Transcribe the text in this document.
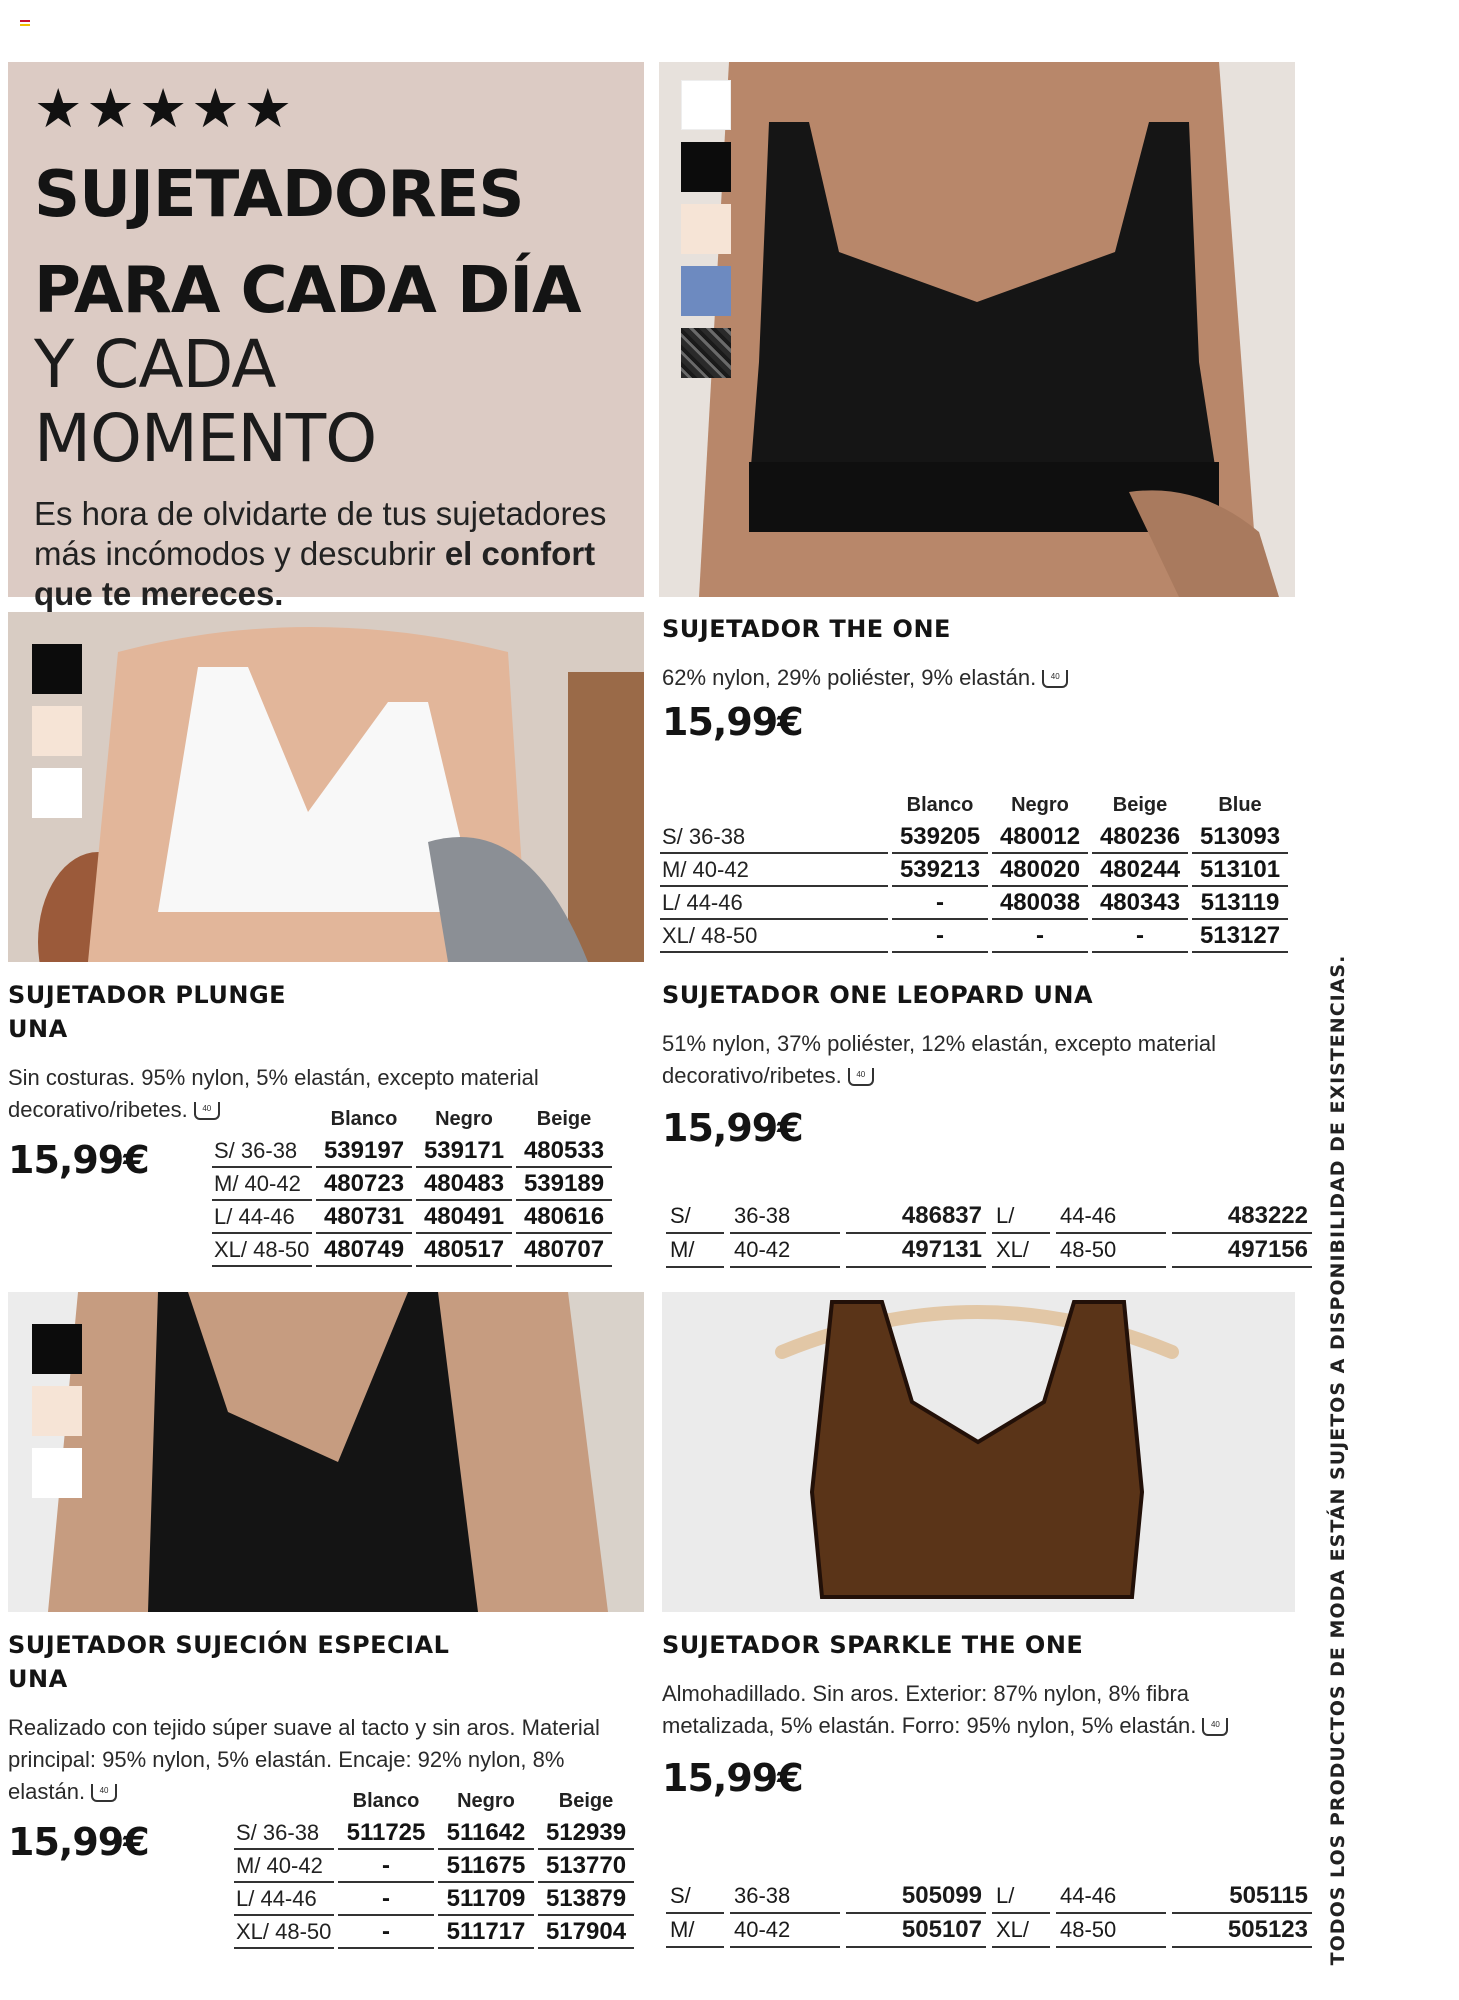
★★★★★
SUJETADORES
PARA CADA DÍA
Y CADA
MOMENTO

Es hora de olvidarte de tus sujetadores más incómodos y descubrir el confort que te mereces.

SUJETADOR THE ONE
62% nylon, 29% poliéster, 9% elastán. 40
15,99€
	Blanco	Negro	Beige	Blue
S/ 36-38	539205	480012	480236	513093
M/ 40-42	539213	480020	480244	513101
L/ 44-46	-	480038	480343	513119
XL/ 48-50	-	-	-	513127
SUJETADOR PLUNGE
UNA
Sin costuras. 95% nylon, 5% elastán, excepto material decorativo/ribetes. 40
15,99€
	Blanco	Negro	Beige
S/ 36-38	539197	539171	480533
M/ 40-42	480723	480483	539189
L/ 44-46	480731	480491	480616
XL/ 48-50	480749	480517	480707
SUJETADOR ONE LEOPARD UNA
51% nylon, 37% poliéster, 12% elastán, excepto material decorativo/ribetes. 40
15,99€
S/	36-38	486837	L/	44-46	483222
M/	40-42	497131	XL/	48-50	497156
SUJETADOR SUJECIÓN ESPECIAL
UNA
Realizado con tejido súper suave al tacto y sin aros. Material principal: 95% nylon, 5% elastán. Encaje: 92% nylon, 8% elastán. 40
15,99€
	Blanco	Negro	Beige
S/ 36-38	511725	511642	512939
M/ 40-42	-	511675	513770
L/ 44-46	-	511709	513879
XL/ 48-50	-	511717	517904
SUJETADOR SPARKLE THE ONE
Almohadillado. Sin aros. Exterior: 87% nylon, 8% fibra metalizada, 5% elastán. Forro: 95% nylon, 5% elastán. 40
15,99€
S/	36-38	505099	L/	44-46	505115
M/	40-42	505107	XL/	48-50	505123 TODOS LOS PRODUCTOS DE MODA ESTÁN SUJETOS A DISPONIBILIDAD DE EXISTENCIAS.
